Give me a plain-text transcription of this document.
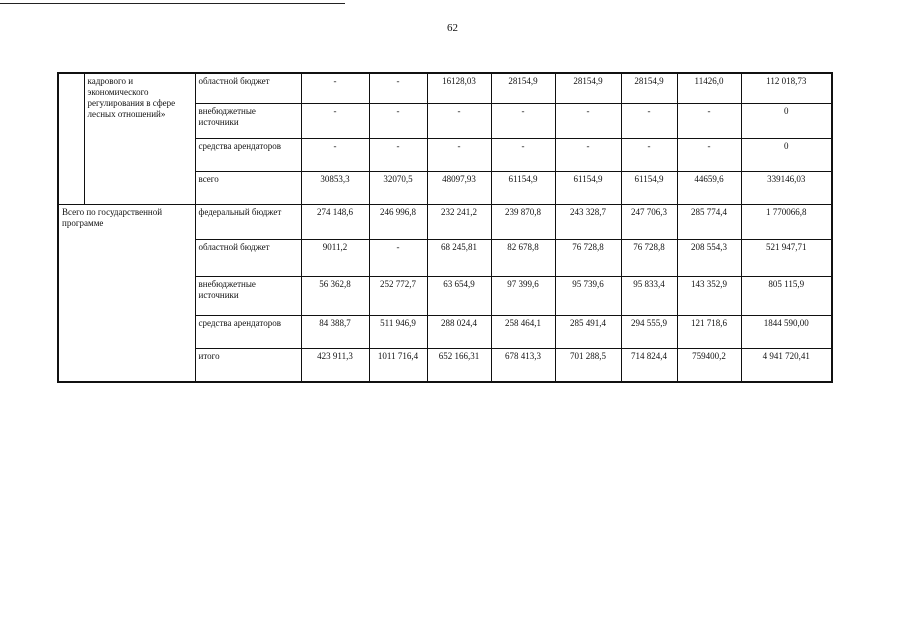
62
	кадрового и экономического регулирования в сфере лесных отношений»	областной бюджет	-	-	16128,03	28154,9	28154,9	28154,9	11426,0	112 018,73
		внебюджетные источники	-	-	-	-	-	-	-	0
		средства арендаторов	-	-	-	-	-	-	-	0
		всего	30853,3	32070,5	48097,93	61154,9	61154,9	61154,9	44659,6	339146,03
Всего по государственной программе		федеральный бюджет	274 148,6	246 996,8	232 241,2	239 870,8	243 328,7	247 706,3	285 774,4	1 770066,8
		областной бюджет	9011,2	-	68 245,81	82 678,8	76 728,8	76 728,8	208 554,3	521 947,71
		внебюджетные источники	56 362,8	252 772,7	63 654,9	97 399,6	95 739,6	95 833,4	143 352,9	805 115,9
		средства арендаторов	84 388,7	511 946,9	288 024,4	258 464,1	285 491,4	294 555,9	121 718,6	1844 590,00
		итого	423 911,3	1011 716,4	652 166,31	678 413,3	701 288,5	714 824,4	759400,2	4 941 720,41
